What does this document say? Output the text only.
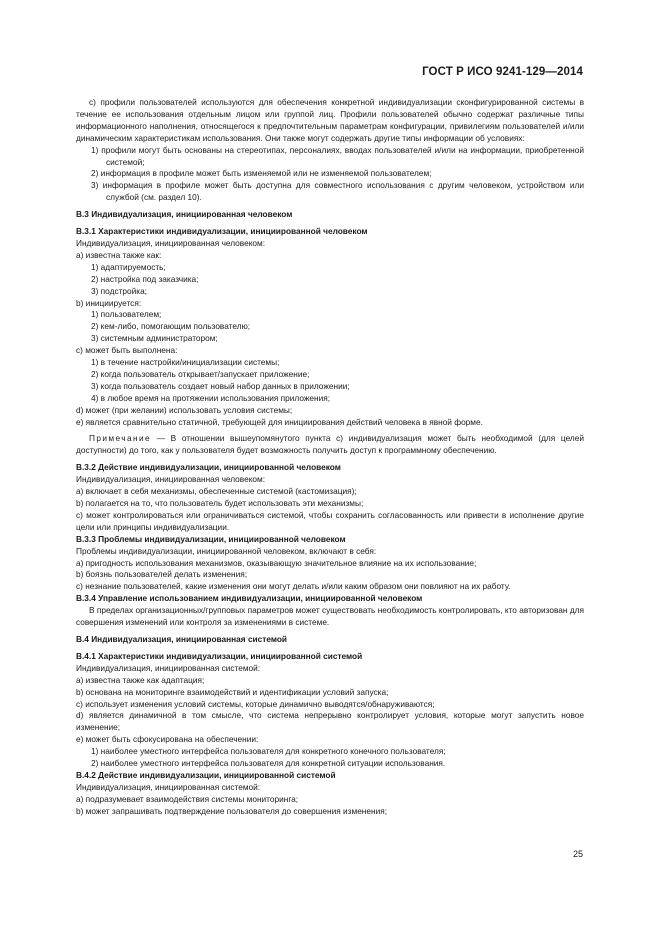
ГОСТ Р ИСО 9241-129—2014

с) профили пользователей используются для обеспечения конкретной индивидуализации сконфигурированной системы в течение ее использования отдельным лицом или группой лиц. Профили пользователей обычно содержат различные типы информационного наполнения, относящегося к предпочтительным параметрам конфигурации, привилегиям пользователей и/или динамическим характеристикам использования. Они также могут содержать другие типы информации об условиях:

1) профили могут быть основаны на стереотипах, персоналиях, вводах пользователей и/или на информации, приобретенной системой;

2) информация в профиле может быть изменяемой или не изменяемой пользователем;

3) информация в профиле может быть доступна для совместного использования с другим человеком, устройством или службой (см. раздел 10).

В.3 Индивидуализация, инициированная человеком

В.3.1 Характеристики индивидуализации, инициированной человеком

Индивидуализация, инициированная человеком:

а) известна также как:

1) адаптируемость;

2) настройка под заказчика;

3) подстройка;

b) инициируется:

1) пользователем;

2) кем-либо, помогающим пользователю;

3) системным администратором;

с) может быть выполнена:

1) в течение настройки/инициализации системы;

2) когда пользователь открывает/запускает приложение;

3) когда пользователь создает новый набор данных в приложении;

4) в любое время на протяжении использования приложения;

d) может (при желании) использовать условия системы;

е) является сравнительно статичной, требующей для инициирования действий человека в явной форме.

Примечание — В отношении вышеупомянутого пункта с) индивидуализация может быть необходимой (для целей доступности) до того, как у пользователя будет возможность получить доступ к программному обеспечению.

В.3.2 Действие индивидуализации, инициированной человеком

Индивидуализация, инициированная человеком:

а) включает в себя механизмы, обеспеченные системой (кастомизация);

b) полагается на то, что пользователь будет использовать эти механизмы;

с) может контролироваться или ограничиваться системой, чтобы сохранить согласованность или привести в исполнение другие цели или принципы индивидуализации.

В.3.3 Проблемы индивидуализации, инициированной человеком

Проблемы индивидуализации, инициированной человеком, включают в себя:

а) пригодность использования механизмов, оказывающую значительное влияние на их использование;

b) боязнь пользователей делать изменения;

с) незнание пользователей, какие изменения они могут делать и/или каким образом они повлияют на их работу.

В.3.4 Управление использованием индивидуализации, инициированной человеком

В пределах организационных/групповых параметров может существовать необходимость контролировать, кто авторизован для совершения изменений или контроля за изменениями в системе.

В.4 Индивидуализация, инициированная системой

В.4.1 Характеристики индивидуализации, инициированной системой

Индивидуализация, инициированная системой:

а) известна также как адаптация;

b) основана на мониторинге взаимодействий и идентификации условий запуска;

с) использует изменения условий системы, которые динамично выводятся/обнаруживаются;

d) является динамичной в том смысле, что система непрерывно контролирует условия, которые могут запустить новое изменение;

е) может быть сфокусирована на обеспечении:

1) наиболее уместного интерфейса пользователя для конкретного конечного пользователя;

2) наиболее уместного интерфейса пользователя для конкретной ситуации использования.

В.4.2 Действие индивидуализации, инициированной системой

Индивидуализация, инициированная системой:

а) подразумевает взаимодействия системы мониторинга;

b) может запрашивать подтверждение пользователя до совершения изменения;

25
